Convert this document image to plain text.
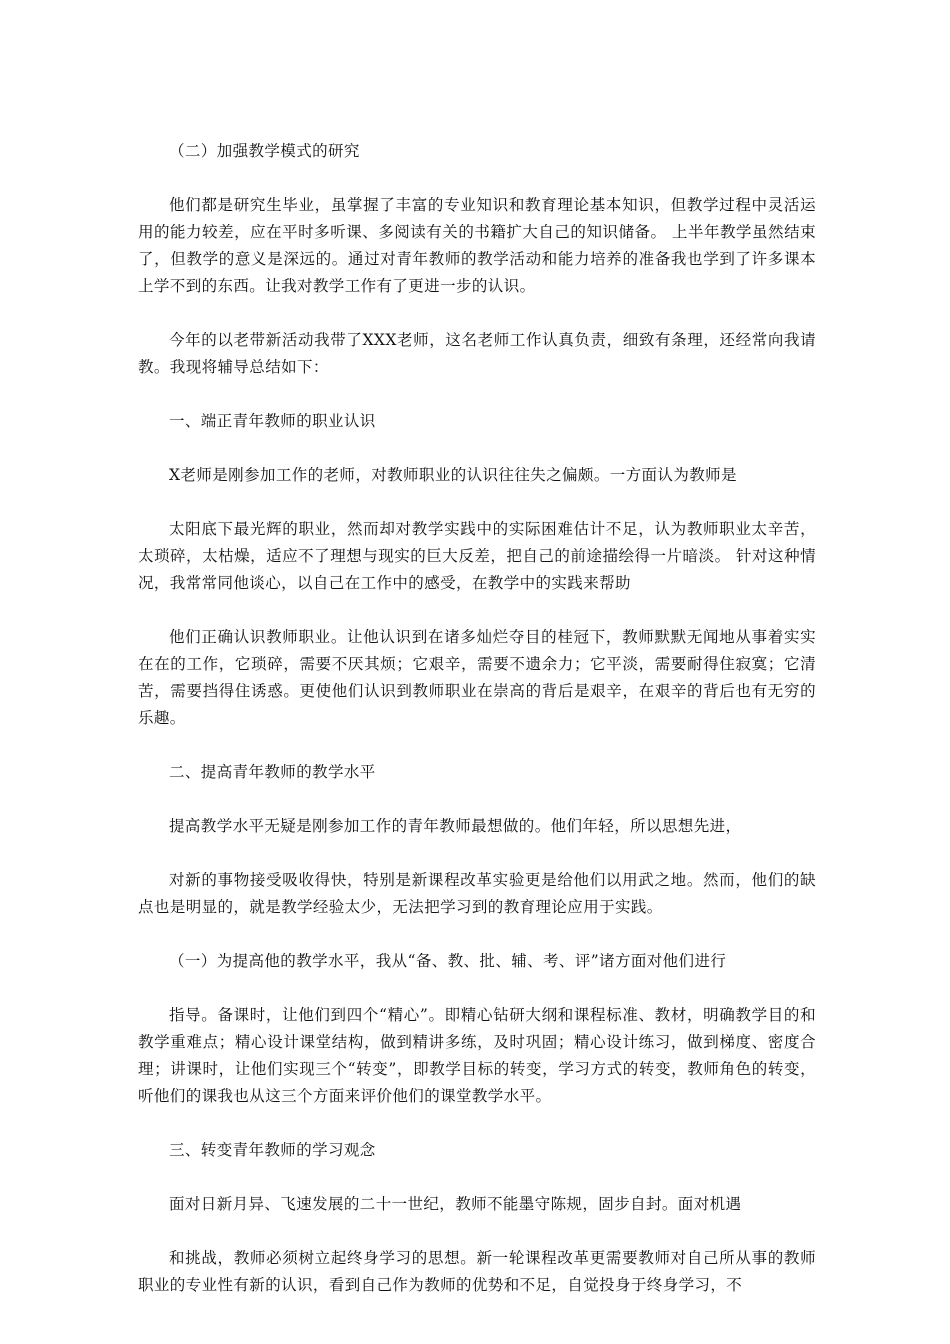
（二）加强教学模式的研究

他们都是研究生毕业，虽掌握了丰富的专业知识和教育理论基本知识，但教学过程中灵活运用的能力较差，应在平时多听课、多阅读有关的书籍扩大自己的知识储备。 上半年教学虽然结束了，但教学的意义是深远的。通过对青年教师的教学活动和能力培养的准备我也学到了许多课本上学不到的东西。让我对教学工作有了更进一步的认识。

今年的以老带新活动我带了XXX老师，这名老师工作认真负责，细致有条理，还经常向我请教。我现将辅导总结如下：

一、端正青年教师的职业认识

X老师是刚参加工作的老师，对教师职业的认识往往失之偏颇。一方面认为教师是

太阳底下最光辉的职业，然而却对教学实践中的实际困难估计不足，认为教师职业太辛苦，太琐碎，太枯燥，适应不了理想与现实的巨大反差，把自己的前途描绘得一片暗淡。 针对这种情况，我常常同他谈心，以自己在工作中的感受，在教学中的实践来帮助

他们正确认识教师职业。让他认识到在诸多灿烂夺目的桂冠下，教师默默无闻地从事着实实在在的工作，它琐碎，需要不厌其烦；它艰辛，需要不遗余力；它平淡，需要耐得住寂寞；它清苦，需要挡得住诱惑。更使他们认识到教师职业在崇高的背后是艰辛，在艰辛的背后也有无穷的乐趣。

二、提高青年教师的教学水平

提高教学水平无疑是刚参加工作的青年教师最想做的。他们年轻，所以思想先进，

对新的事物接受吸收得快，特别是新课程改革实验更是给他们以用武之地。然而，他们的缺点也是明显的，就是教学经验太少，无法把学习到的教育理论应用于实践。

（一）为提高他的教学水平，我从“备、教、批、辅、考、评”诸方面对他们进行

指导。备课时，让他们到四个“精心”。即精心钻研大纲和课程标准、教材，明确教学目的和教学重难点；精心设计课堂结构，做到精讲多练，及时巩固；精心设计练习，做到梯度、密度合理；讲课时，让他们实现三个“转变”，即教学目标的转变，学习方式的转变，教师角色的转变，听他们的课我也从这三个方面来评价他们的课堂教学水平。

三、转变青年教师的学习观念

面对日新月异、飞速发展的二十一世纪，教师不能墨守陈规，固步自封。面对机遇

和挑战，教师必须树立起终身学习的思想。新一轮课程改革更需要教师对自己所从事的教师职业的专业性有新的认识，看到自己作为教师的优势和不足，自觉投身于终身学习，不
